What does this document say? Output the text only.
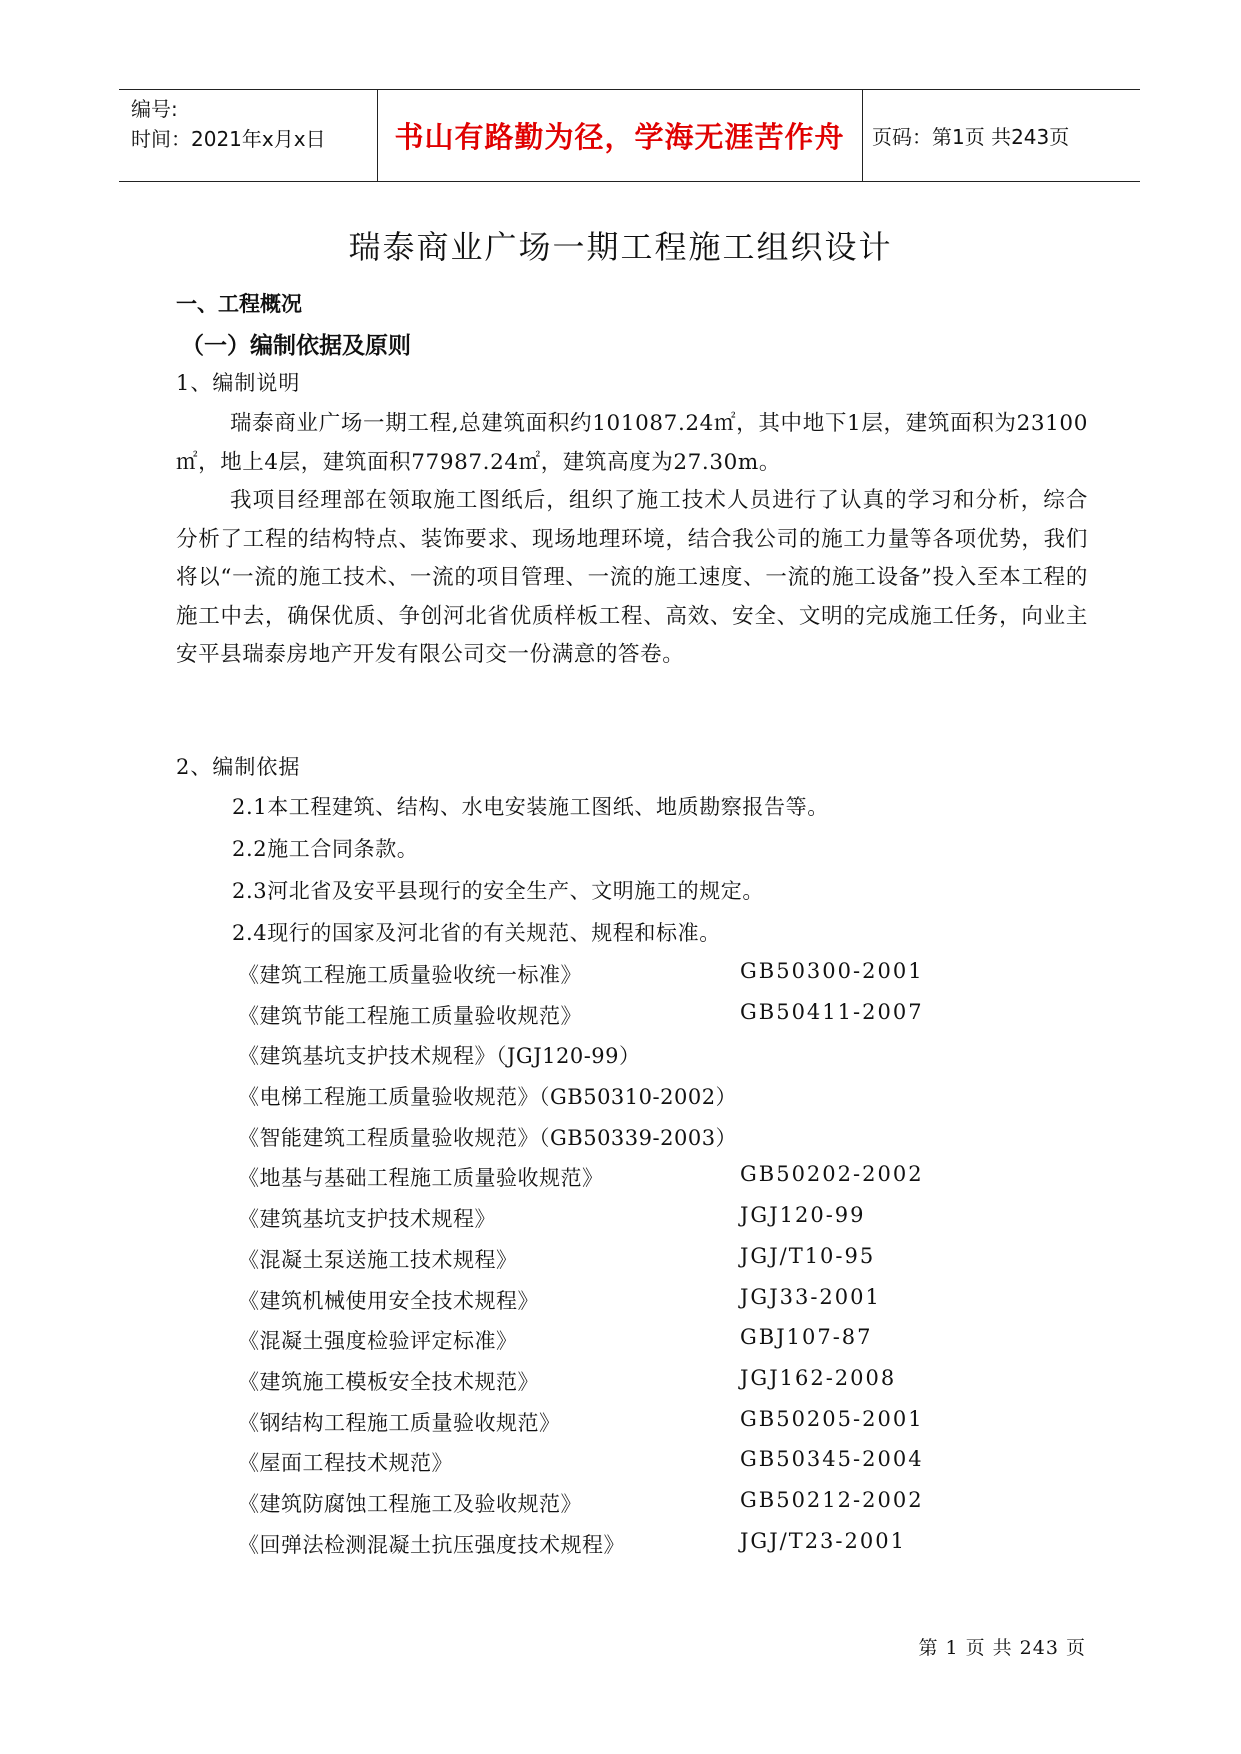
编号:
时间：2021年x月x日	书山有路勤为径，学海无涯苦作舟	页码：第1页 共243页
瑞泰商业广场一期工程施工组织设计
一、工程概况
（一）编制依据及原则
1、编制说明
瑞泰商业广场一期工程,总建筑面积约101087.24㎡，其中地下1层，建筑面积为23100㎡，地上4层，建筑面积77987.24㎡，建筑高度为27.30m。
我项目经理部在领取施工图纸后，组织了施工技术人员进行了认真的学习和分析，综合分析了工程的结构特点、装饰要求、现场地理环境，结合我公司的施工力量等各项优势，我们将以“一流的施工技术、一流的项目管理、一流的施工速度、一流的施工设备”投入至本工程的施工中去，确保优质、争创河北省优质样板工程、高效、安全、文明的完成施工任务，向业主安平县瑞泰房地产开发有限公司交一份满意的答卷。
2、编制依据
2.1本工程建筑、结构、水电安装施工图纸、地质勘察报告等。
2.2施工合同条款。
2.3河北省及安平县现行的安全生产、文明施工的规定。
2.4现行的国家及河北省的有关规范、规程和标准。
《建筑工程施工质量验收统一标准》	GB50300-2001
《建筑节能工程施工质量验收规范》	GB50411-2007
《建筑基坑支护技术规程》（JGJ120-99）
《电梯工程施工质量验收规范》（GB50310-2002）
《智能建筑工程质量验收规范》（GB50339-2003）
《地基与基础工程施工质量验收规范》	GB50202-2002
《建筑基坑支护技术规程》	JGJ120-99
《混凝土泵送施工技术规程》	JGJ/T10-95
《建筑机械使用安全技术规程》	JGJ33-2001
《混凝土强度检验评定标准》	GBJ107-87
《建筑施工模板安全技术规范》	JGJ162-2008
《钢结构工程施工质量验收规范》	GB50205-2001
《屋面工程技术规范》	GB50345-2004
《建筑防腐蚀工程施工及验收规范》	GB50212-2002
《回弹法检测混凝土抗压强度技术规程》	JGJ/T23-2001
第 1 页 共 243 页
